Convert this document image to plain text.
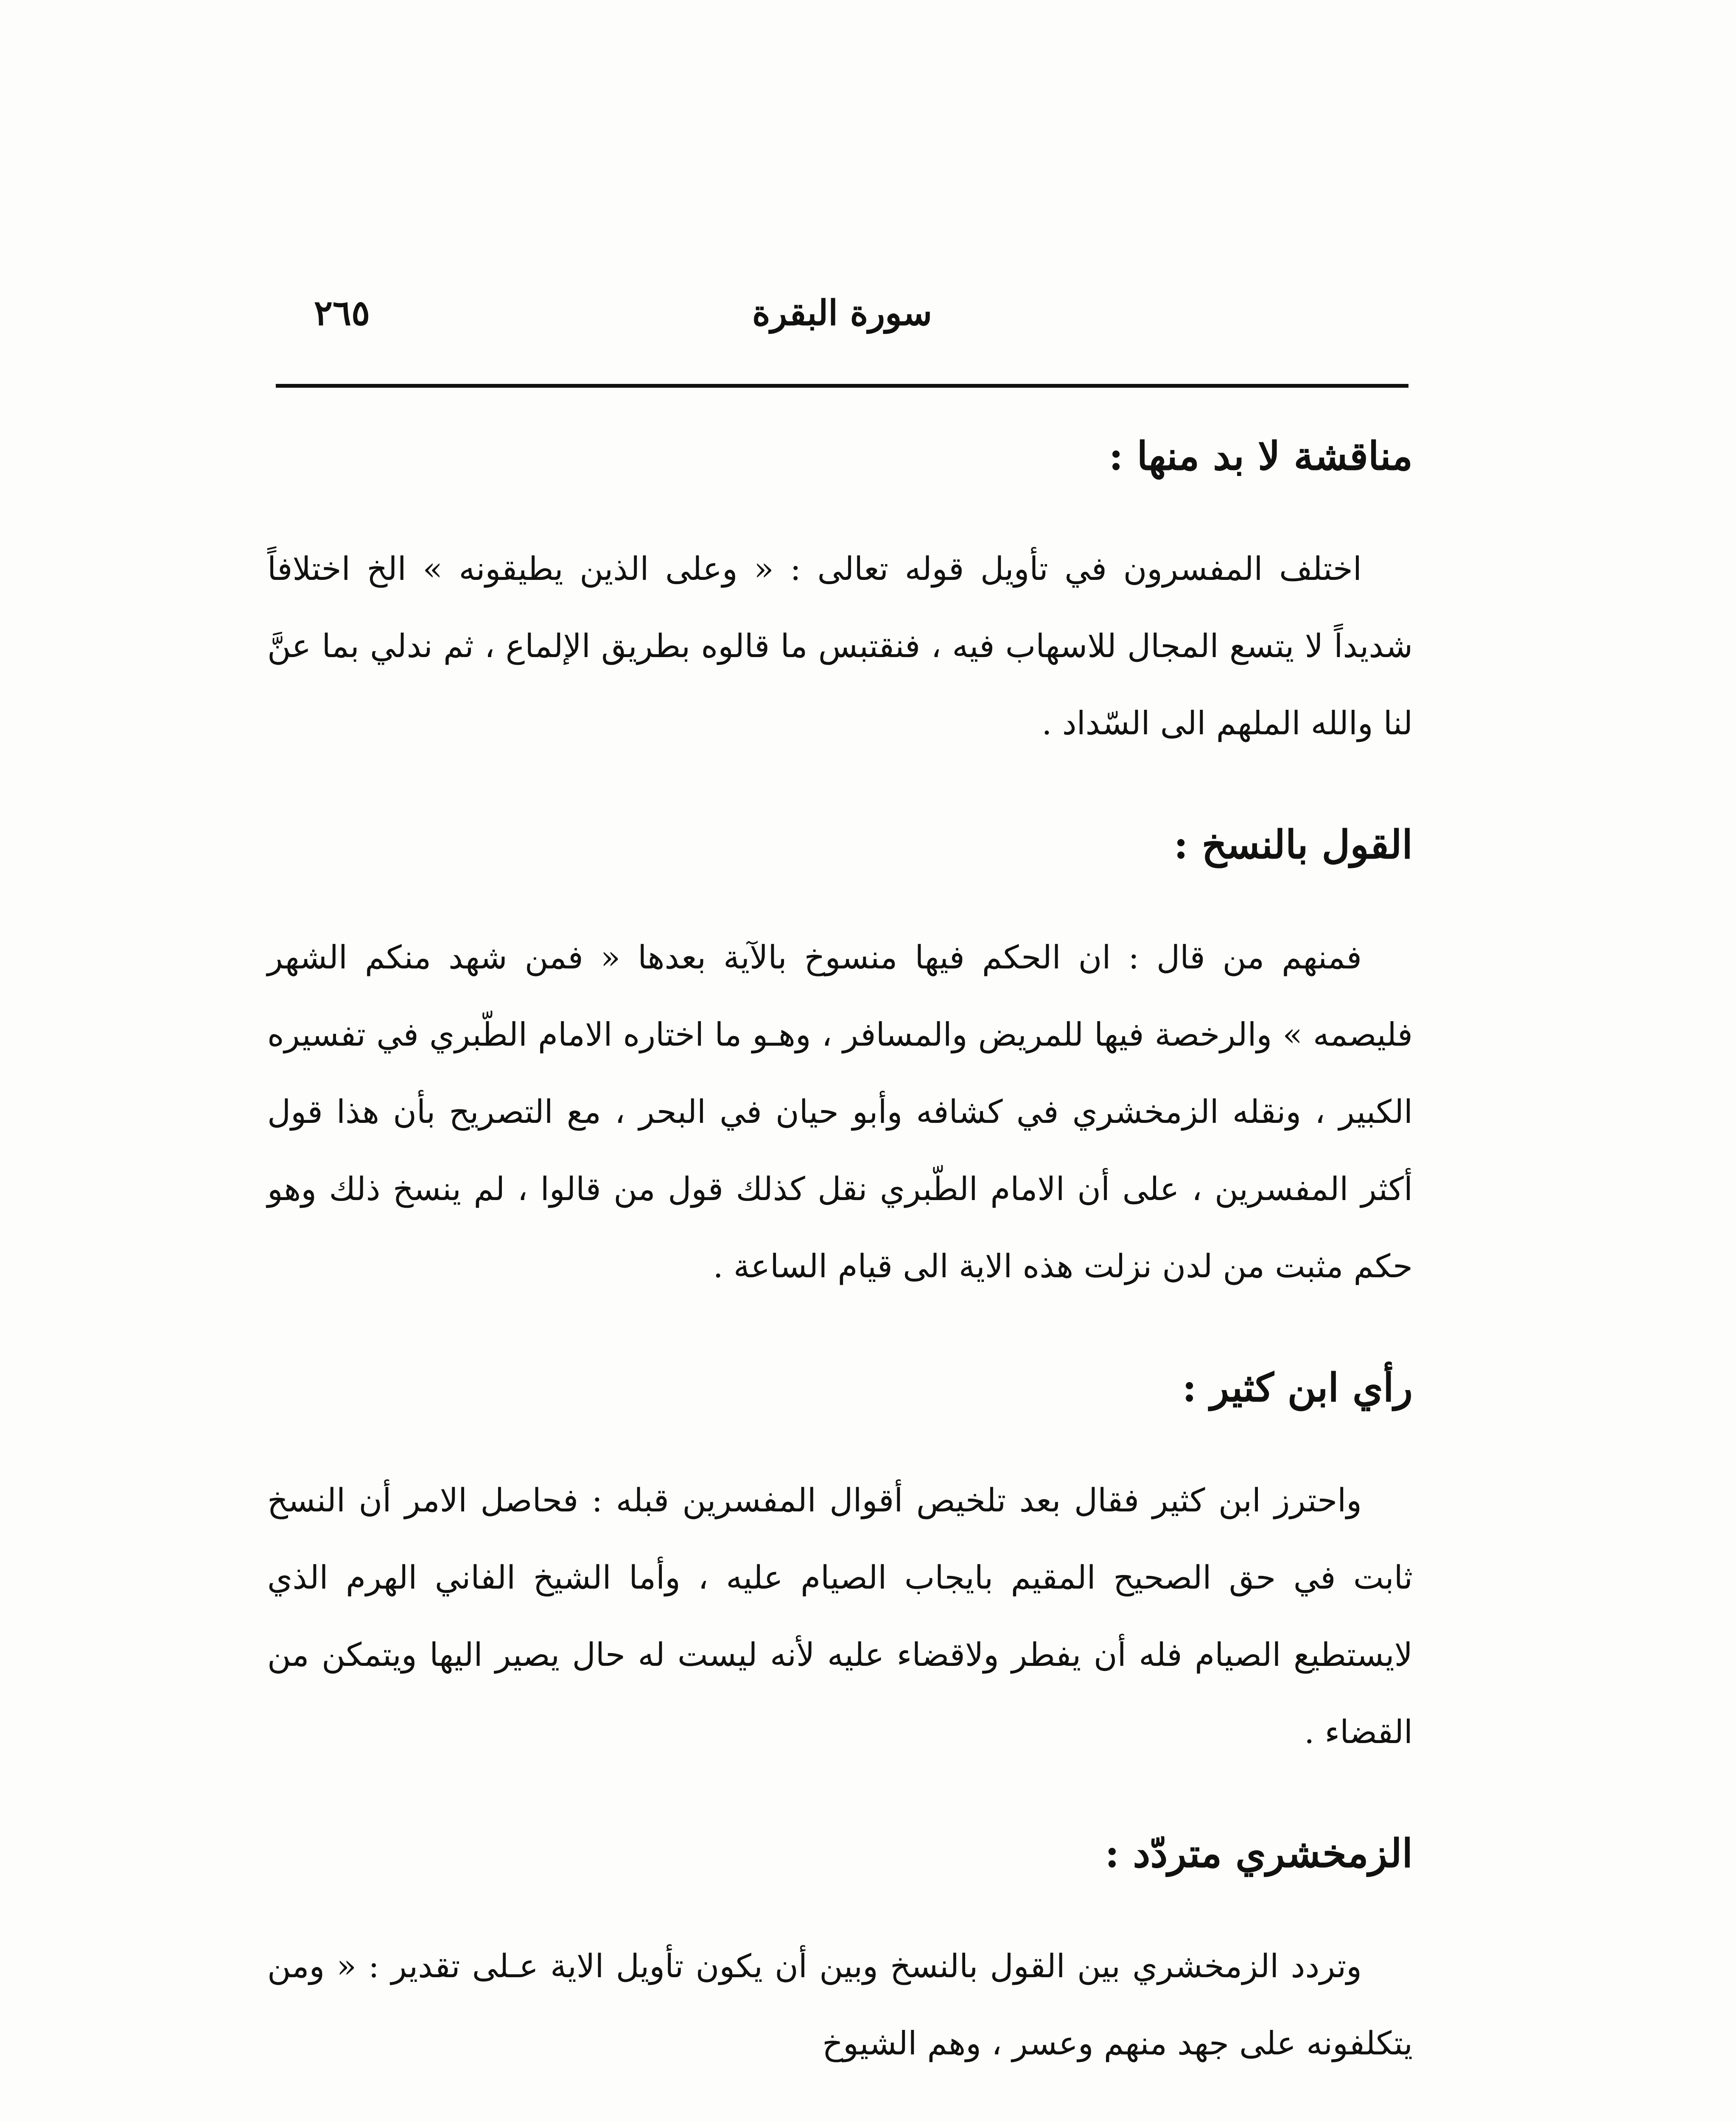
سورة البقرة
٢٦٥
مناقشة لا بد منها :

اختلف المفسرون في تأويل قوله تعالى : « وعلى الذين يطيقونه » الخ اختلافاً شديداً لا يتسع المجال للاسهاب فيه ، فنقتبس ما قالوه بطريق الإلماع ، ثم ندلي بما عنَّ لنا والله الملهم الى السّداد .

القول بالنسخ :

فمنهم من قال : ان الحكم فيها منسوخ بالآية بعدها « فمن شهد منكم الشهر فليصمه » والرخصة فيها للمريض والمسافر ، وهـو ما اختاره الامام الطّبري في تفسيره الكبير ، ونقله الزمخشري في كشافه وأبو حيان في البحر ، مع التصريح بأن هذا قول أكثر المفسرين ، على أن الامام الطّبري نقل كذلك قول من قالوا ، لم ينسخ ذلك وهو حكم مثبت من لدن نزلت هذه الاية الى قيام الساعة .

رأي ابن كثير :

واحترز ابن كثير فقال بعد تلخيص أقوال المفسرين قبله : فحاصل الامر أن النسخ ثابت في حق الصحيح المقيم بايجاب الصيام عليه ، وأما الشيخ الفاني الهرم الذي لايستطيع الصيام فله أن يفطر ولاقضاء عليه لأنه ليست له حال يصير اليها ويتمكن من القضاء .

الزمخشري متردّد :

وتردد الزمخشري بين القول بالنسخ وبين أن يكون تأويل الاية عـلى تقدير : « ومن يتكلفونه على جهد منهم وعسر ، وهم الشيوخ
